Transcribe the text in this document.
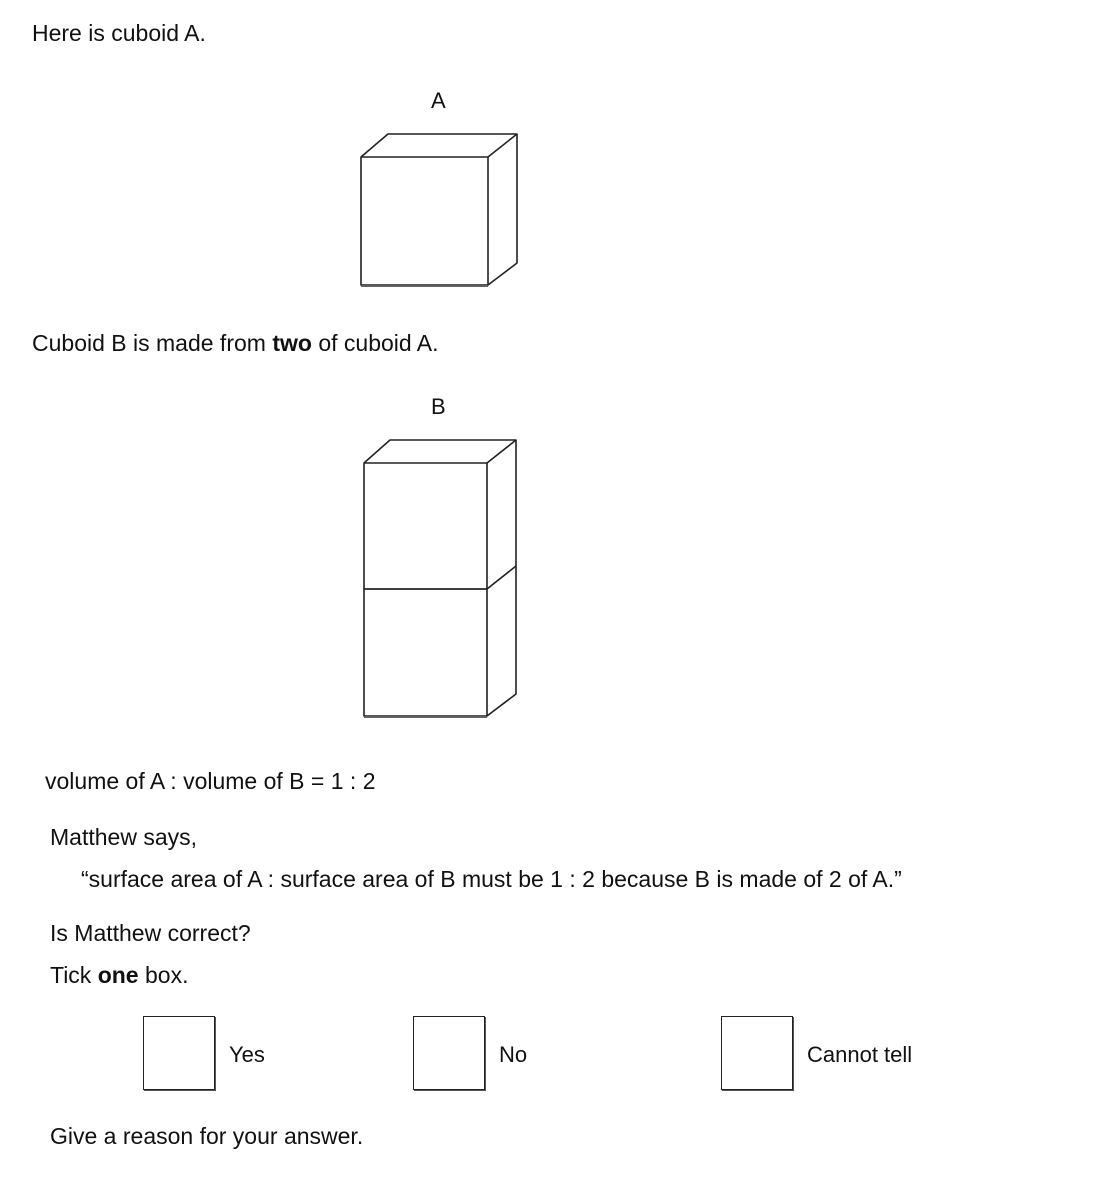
Here is cuboid A.
A
Cuboid B is made from two of cuboid A.
B
volume of A : volume of B = 1 : 2
Matthew says,
“surface area of A : surface area of B must be 1 : 2 because B is made of 2 of A.”
Is Matthew correct?
Tick one box.
Yes	No	Cannot tell
Give a reason for your answer.
